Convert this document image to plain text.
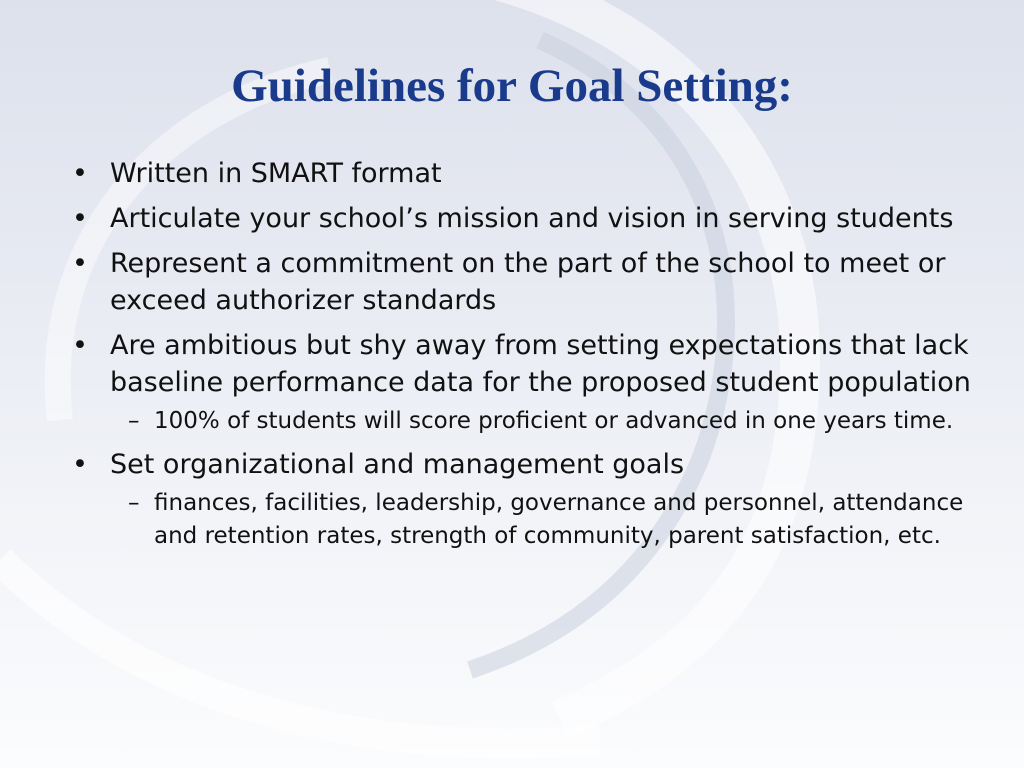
Guidelines for Goal Setting:
• Written in SMART format
• Articulate your school’s mission and vision in serving students
• Represent a commitment on the part of the school to meet or exceed authorizer standards
• Are ambitious but shy away from setting expectations that lack baseline performance data for the proposed student population
– 100% of students will score proficient or advanced in one years time.
• Set organizational and management goals
– finances, facilities, leadership, governance and personnel, attendance and retention rates, strength of community, parent satisfaction, etc.
